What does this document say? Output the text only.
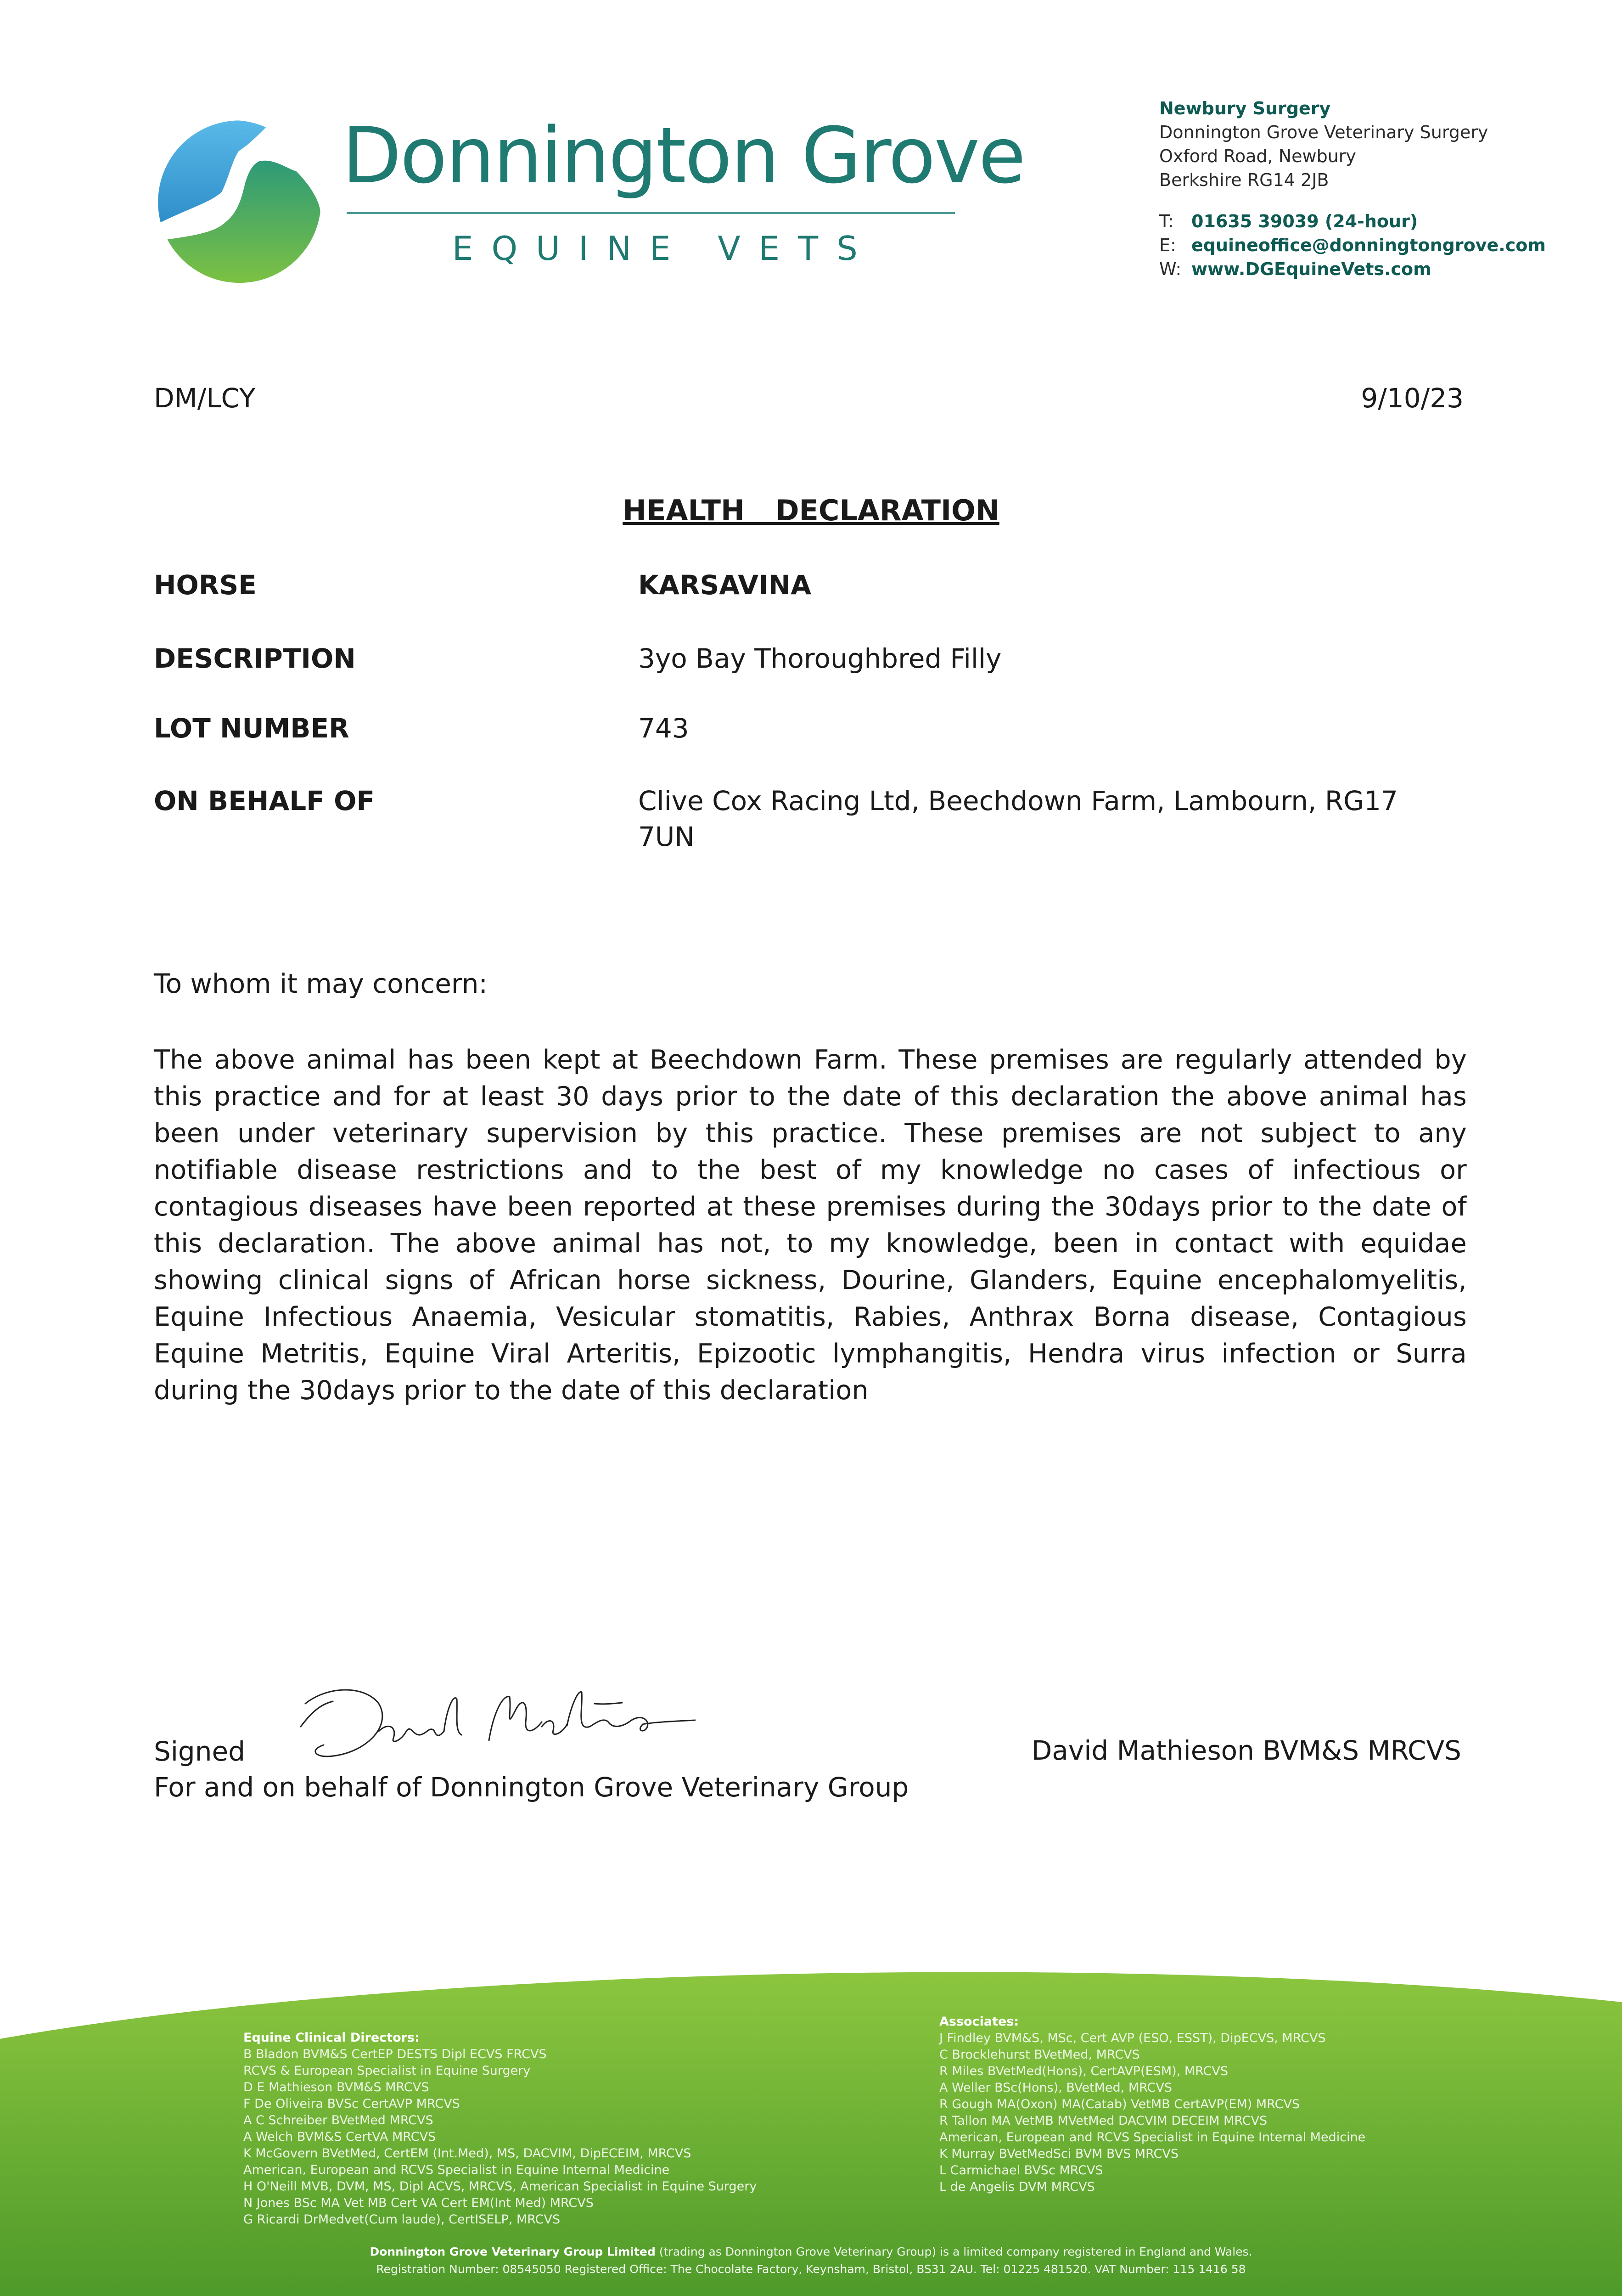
Donnington Grove
EQUINE VETS
Newbury Surgery
Donnington Grove Veterinary Surgery
Oxford Road, Newbury
Berkshire RG14 2JB
T:	01635 39039 (24-hour)
E: equineoffice@donningtongrove.com
W: www.DGEquineVets.com
DM/LCY	9/10/23
HEALTH  DECLARATION
HORSE	KARSAVINA
DESCRIPTION	3yo Bay Thoroughbred Filly
LOT NUMBER	743
ON BEHALF OF	Clive Cox Racing Ltd, Beechdown Farm, Lambourn, RG17 7UN
To whom it may concern:
The above animal has been kept at Beechdown Farm. These premises are regularly attended by this practice and for at least 30 days prior to the date of this declaration the above animal has been under veterinary supervision by this practice. These premises are not subject to any notifiable disease restrictions and to the best of my knowledge no cases of infectious or contagious diseases have been reported at these premises during the 30days prior to the date of this declaration. The above animal has not, to my knowledge, been in contact with equidae showing clinical signs of African horse sickness, Dourine, Glanders, Equine encephalomyelitis, Equine Infectious Anaemia, Vesicular stomatitis, Rabies, Anthrax Borna disease, Contagious Equine Metritis, Equine Viral Arteritis, Epizootic lymphangitis, Hendra virus infection or Surra during the 30days prior to the date of this declaration
Signed	David Mathieson BVM&S MRCVS
For and on behalf of Donnington Grove Veterinary Group
Equine Clinical Directors:
B Bladon BVM&S CertEP DESTS Dipl ECVS FRCVS
RCVS & European Specialist in Equine Surgery
D E Mathieson BVM&S MRCVS
F De Oliveira BVSc CertAVP MRCVS
A C Schreiber BVetMed MRCVS
A Welch BVM&S CertVA MRCVS
K McGovern BVetMed, CertEM (Int.Med), MS, DACVIM, DipECEIM, MRCVS
American, European and RCVS Specialist in Equine Internal Medicine
H O'Neill MVB, DVM, MS, Dipl ACVS, MRCVS, American Specialist in Equine Surgery
N Jones BSc MA Vet MB Cert VA Cert EM(Int Med) MRCVS
G Ricardi DrMedvet(Cum laude), CertISELP, MRCVS
Associates:
J Findley BVM&S, MSc, Cert AVP (ESO, ESST), DipECVS, MRCVS
C Brocklehurst BVetMed, MRCVS
R Miles BVetMed(Hons), CertAVP(ESM), MRCVS
A Weller BSc(Hons), BVetMed, MRCVS
R Gough MA(Oxon) MA(Catab) VetMB CertAVP(EM) MRCVS
R Tallon MA VetMB MVetMed DACVIM DECEIM MRCVS
American, European and RCVS Specialist in Equine Internal Medicine
K Murray BVetMedSci BVM BVS MRCVS
L Carmichael BVSc MRCVS
L de Angelis DVM MRCVS
Donnington Grove Veterinary Group Limited (trading as Donnington Grove Veterinary Group) is a limited company registered in England and Wales.
Registration Number: 08545050 Registered Office: The Chocolate Factory, Keynsham, Bristol, BS31 2AU. Tel: 01225 481520. VAT Number: 115 1416 58
